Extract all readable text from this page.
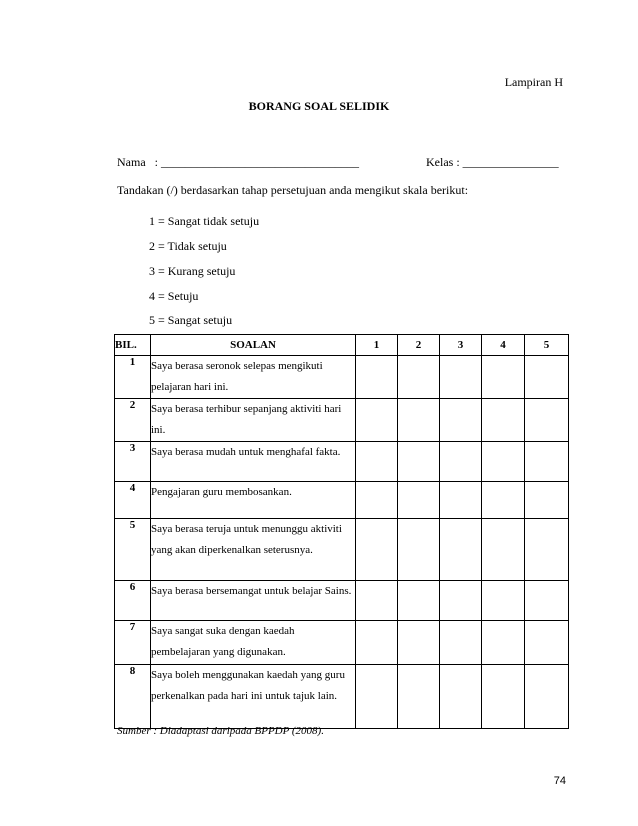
Lampiran H
BORANG SOAL SELIDIK
Nama : _________________________________	Kelas : ________________
Tandakan (/) berdasarkan tahap persetujuan anda mengikut skala berikut:
1 = Sangat tidak setuju
2 = Tidak setuju
3 = Kurang setuju
4 = Setuju
5 = Sangat setuju
BIL.	SOALAN	1	2	3	4	5
1	Saya berasa seronok selepas mengikuti pelajaran hari ini.					
2	Saya berasa terhibur sepanjang aktiviti hari ini.					
3	Saya berasa mudah untuk menghafal fakta.					
4	Pengajaran guru membosankan.					
5	Saya berasa teruja untuk menunggu aktiviti yang akan diperkenalkan seterusnya.					
6	Saya berasa bersemangat untuk belajar Sains.					
7	Saya sangat suka dengan kaedah pembelajaran yang digunakan.					
8	Saya boleh menggunakan kaedah yang guru perkenalkan pada hari ini untuk tajuk lain.					
Sumber : Diadaptasi daripada BPPDP (2008).
74
